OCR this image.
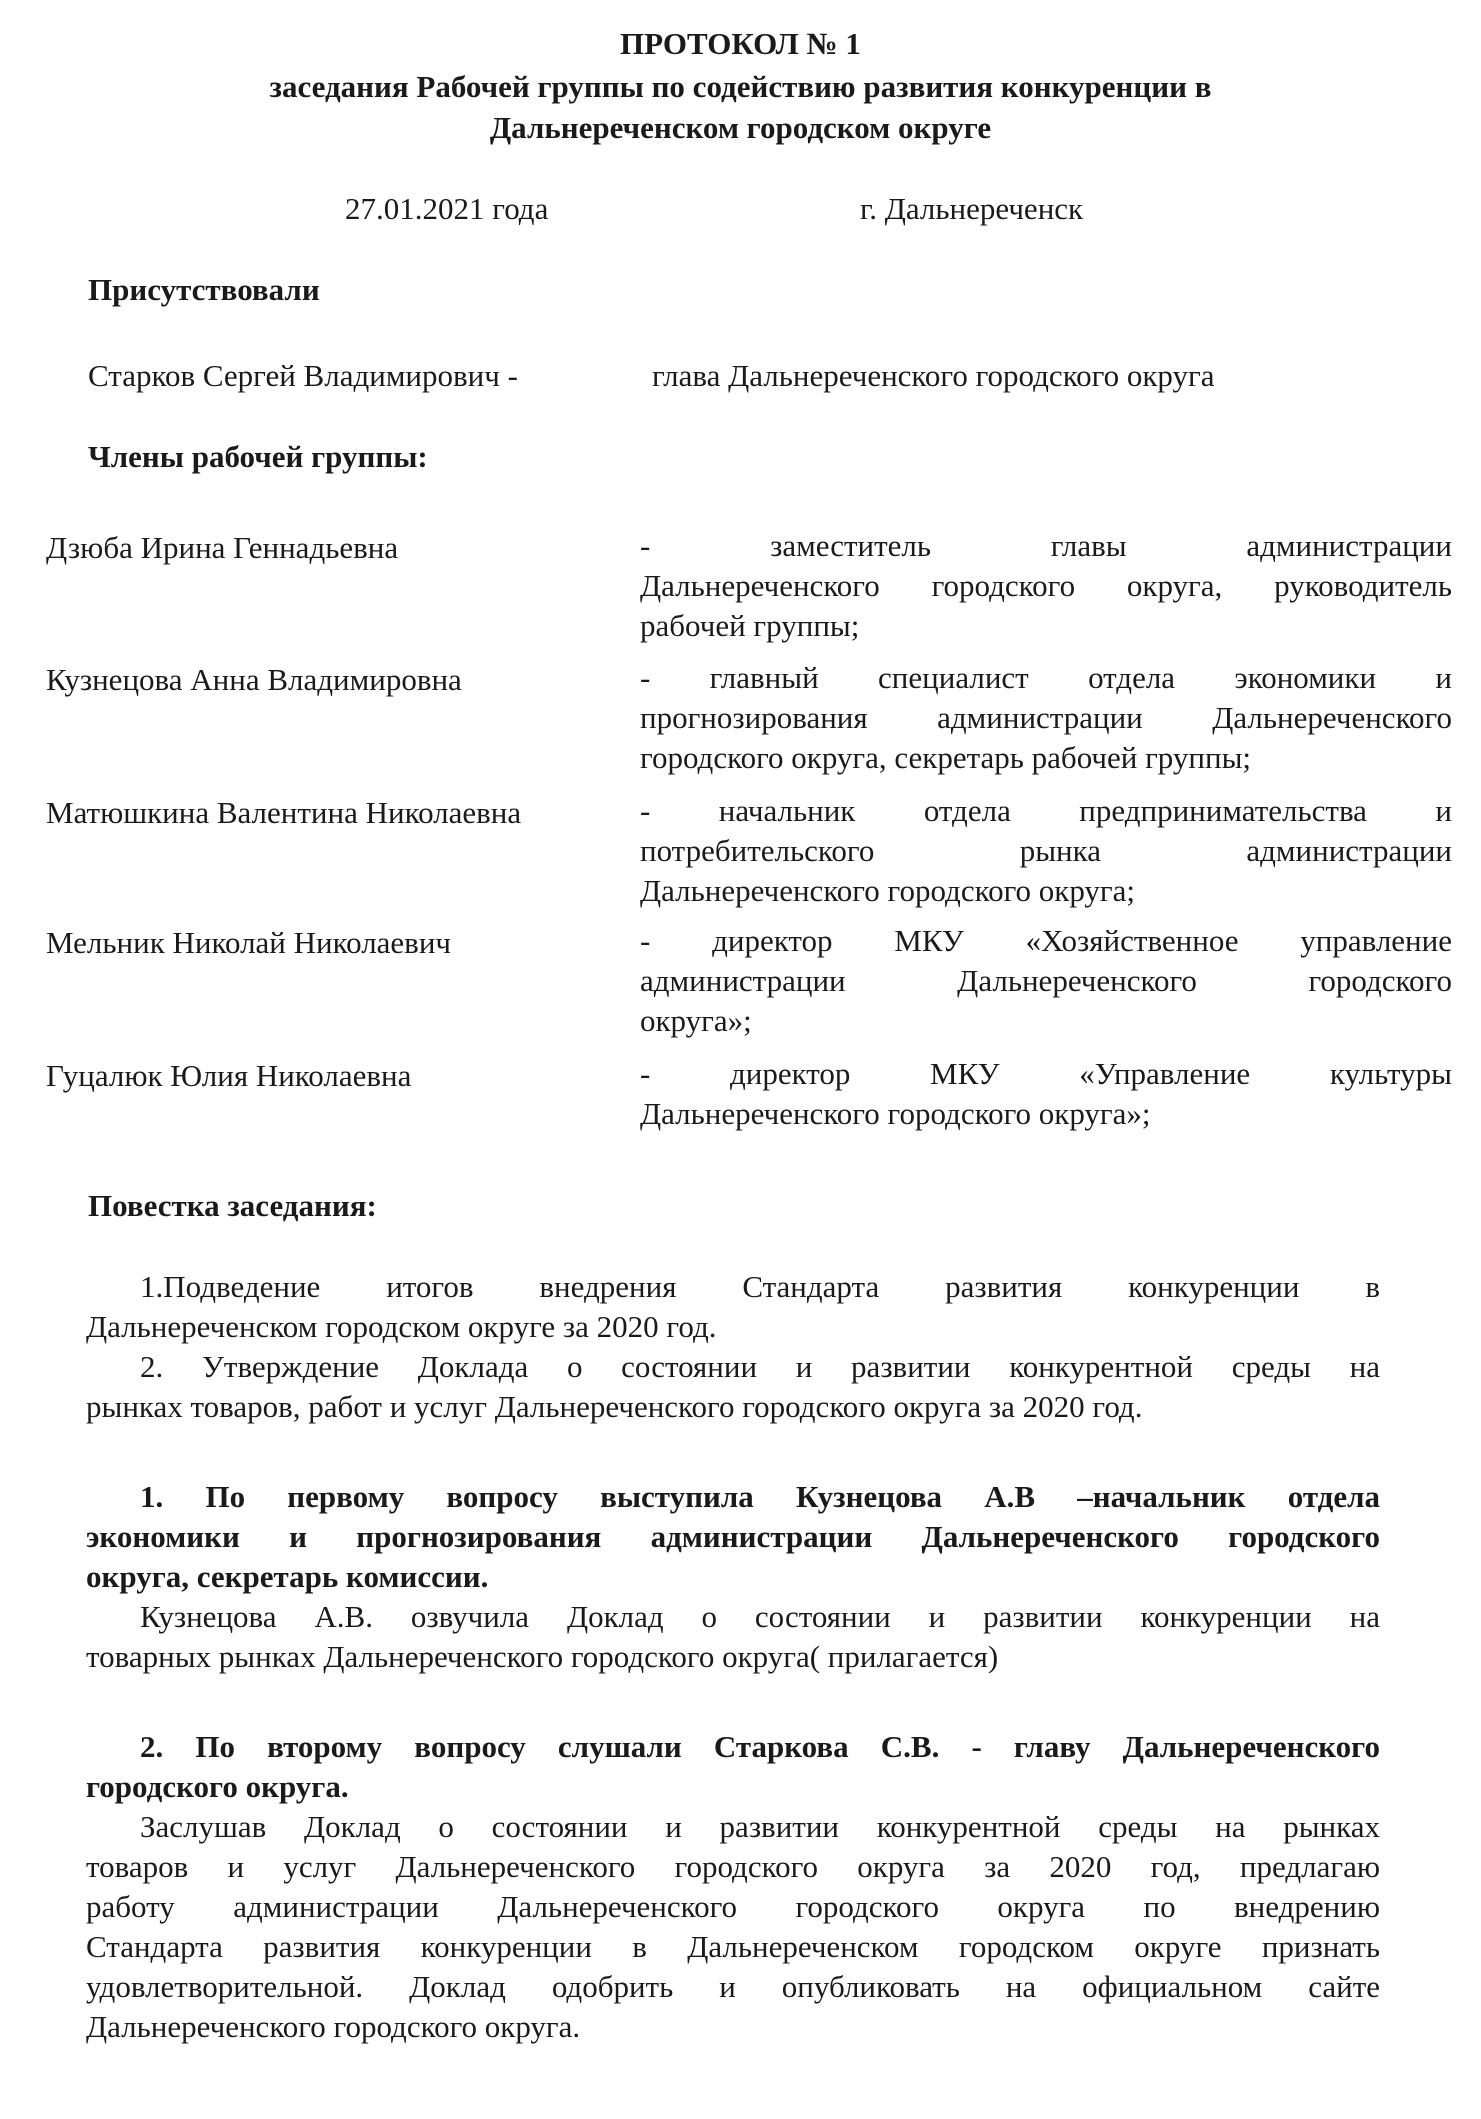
ПРОТОКОЛ № 1
заседания Рабочей группы по содействию развития конкуренции в
Дальнереченском городском округе
27.01.2021 года	г. Дальнереченск
Присутствовали
Старков Сергей Владимирович -	глава Дальнереченского городского округа
Члены рабочей группы:
Дзюба Ирина Геннадьевна	- заместитель главы администрации
Дальнереченского городского округа, руководитель
рабочей группы;
Кузнецова Анна Владимировна	- главный специалист отдела экономики и
прогнозирования администрации Дальнереченского
городского округа, секретарь рабочей группы;
Матюшкина Валентина Николаевна	- начальник отдела предпринимательства и
потребительского рынка администрации
Дальнереченского городского округа;
Мельник Николай Николаевич	- директор МКУ «Хозяйственное управление
администрации Дальнереченского городского
округа»;
Гуцалюк Юлия Николаевна	- директор МКУ «Управление культуры
Дальнереченского городского округа»;
Повестка заседания:
1.Подведение итогов внедрения Стандарта развития конкуренции в
Дальнереченском городском округе за 2020 год.
2. Утверждение Доклада о состоянии и развитии конкурентной среды на
рынках товаров, работ и услуг Дальнереченского городского округа за 2020 год.
1. По первому вопросу выступила Кузнецова А.В –начальник отдела
экономики и прогнозирования администрации Дальнереченского городского
округа, секретарь комиссии.
Кузнецова А.В. озвучила Доклад о состоянии и развитии конкуренции на
товарных рынках Дальнереченского городского округа( прилагается)
2. По второму вопросу слушали Старкова С.В. - главу Дальнереченского
городского округа.
Заслушав Доклад о состоянии и развитии конкурентной среды на рынках
товаров и услуг Дальнереченского городского округа за 2020 год, предлагаю
работу администрации Дальнереченского городского округа по внедрению
Стандарта развития конкуренции в Дальнереченском городском округе признать
удовлетворительной. Доклад одобрить и опубликовать на официальном сайте
Дальнереченского городского округа.
